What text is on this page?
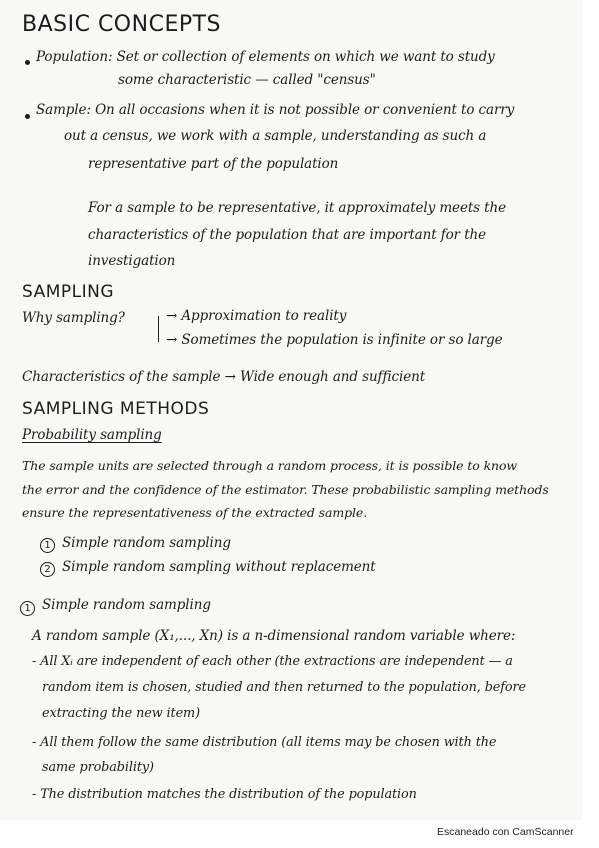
BASIC CONCEPTS
Population: Set or collection of elements on which we want to study
some characteristic — called "census"
Sample: On all occasions when it is not possible or convenient to carry
out a census, we work with a sample, understanding as such a
representative part of the population
For a sample to be representative, it approximately meets the
characteristics of the population that are important for the
investigation
SAMPLING
Why sampling?	→ Approximation to reality
→ Sometimes the population is infinite or so large
Characteristics of the sample → Wide enough and sufficient
SAMPLING METHODS
Probability sampling
The sample units are selected through a random process, it is possible to know
the error and the confidence of the estimator. These probabilistic sampling methods
ensure the representativeness of the extracted sample.
1 Simple random sampling
2 Simple random sampling without replacement
1 Simple random sampling
A random sample (X₁,..., Xn) is a n-dimensional random variable where:
- All Xᵢ are independent of each other (the extractions are independent — a
random item is chosen, studied and then returned to the population, before
extracting the new item)
- All them follow the same distribution (all items may be chosen with the
same probability)
- The distribution matches the distribution of the population
Escaneado con CamScanner
